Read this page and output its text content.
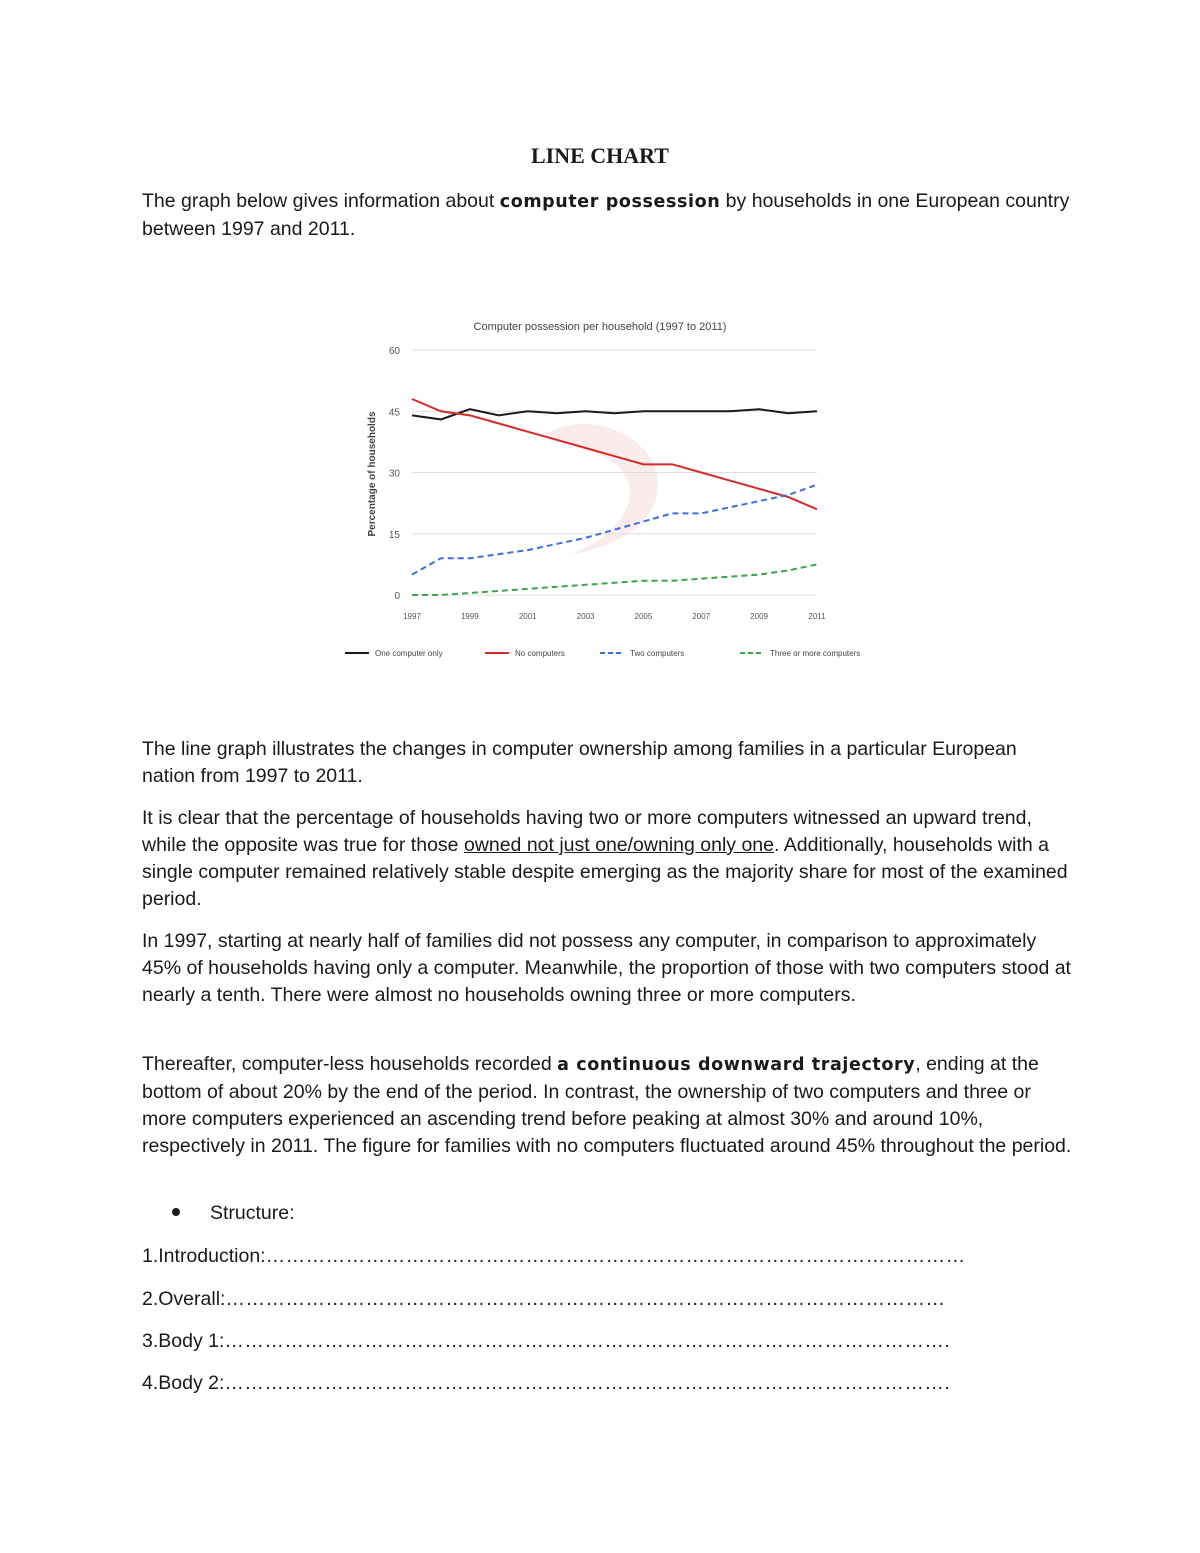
LINE CHART

The graph below gives information about computer possession by households in one European country between 1997 and 2011.

Computer possession per household (1997 to 2011)
Percentage of households
0
15
30
45
60
1997	1999	2001	2003	2005	2007	2009	2011
One computer only	No computers	Two computers	Three or more computers

The line graph illustrates the changes in computer ownership among families in a particular European nation from 1997 to 2011.

It is clear that the percentage of households having two or more computers witnessed an upward trend, while the opposite was true for those owned not just one/owning only one. Additionally, households with a single computer remained relatively stable despite emerging as the majority share for most of the examined period.

In 1997, starting at nearly half of families did not possess any computer, in comparison to approximately 45% of households having only a computer. Meanwhile, the proportion of those with two computers stood at nearly a tenth. There were almost no households owning three or more computers.

Thereafter, computer-less households recorded a continuous downward trajectory, ending at the bottom of about 20% by the end of the period. In contrast, the ownership of two computers and three or more computers experienced an ascending trend before peaking at almost 30% and around 10%, respectively in 2011. The figure for families with no computers fluctuated around 45% throughout the period.

Structure:
1.Introduction:……………………………………………………………………………………………
2.Overall:………………………………………………………………………………………………
3.Body 1:……………………………………………………………………………………………….
4.Body 2:……………………………………………………………………………………………….
